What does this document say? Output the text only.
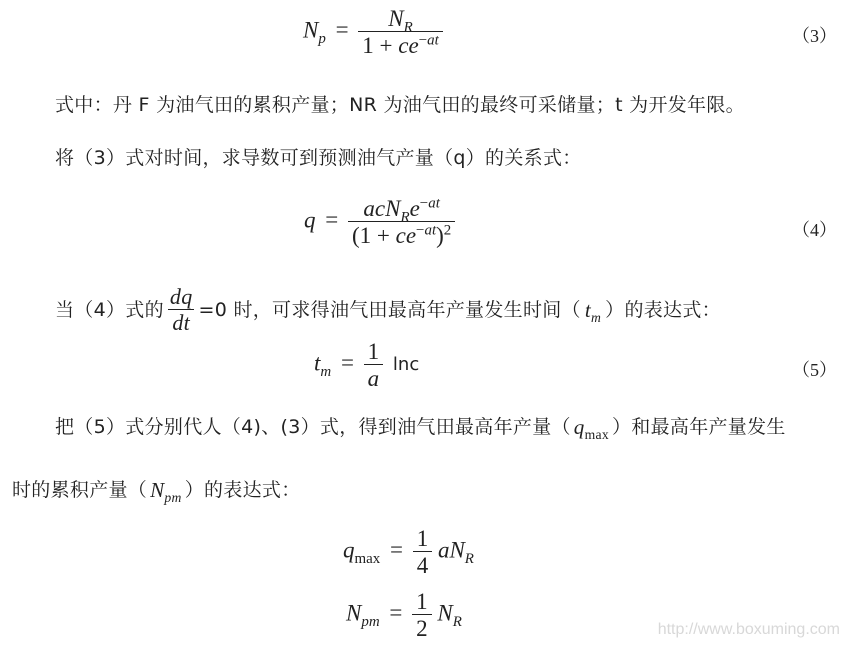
$N_p = \frac{N_R}{1 + ce^{-at}}$	（3）
式中：丹 F 为油气田的累积产量；NR 为油气田的最终可采储量；t 为开发年限。
将（3）式对时间，求导数可到预测油气产量（q）的关系式：
$q = \frac{acN_Re^{-at}}{(1 + ce^{-at})^2}$	（4）
当（4）式的 $\frac{dq}{dt} =0$ 时，可求得油气田最高年产量发生时间（ $t_m$ ）的表达式：
$t_m = \frac{1}{a}$ lnc	（5）
把（5）式分别代人（4)、(3）式，得到油气田最高年产量（ $q_{max}$ ）和最高年产量发生
时的累积产量（ $N_{pm}$ ）的表达式：
$q_{max} = \frac{1}{4} aN_R$
$N_{pm} = \frac{1}{2} N_R$	http://www.boxuming.com
